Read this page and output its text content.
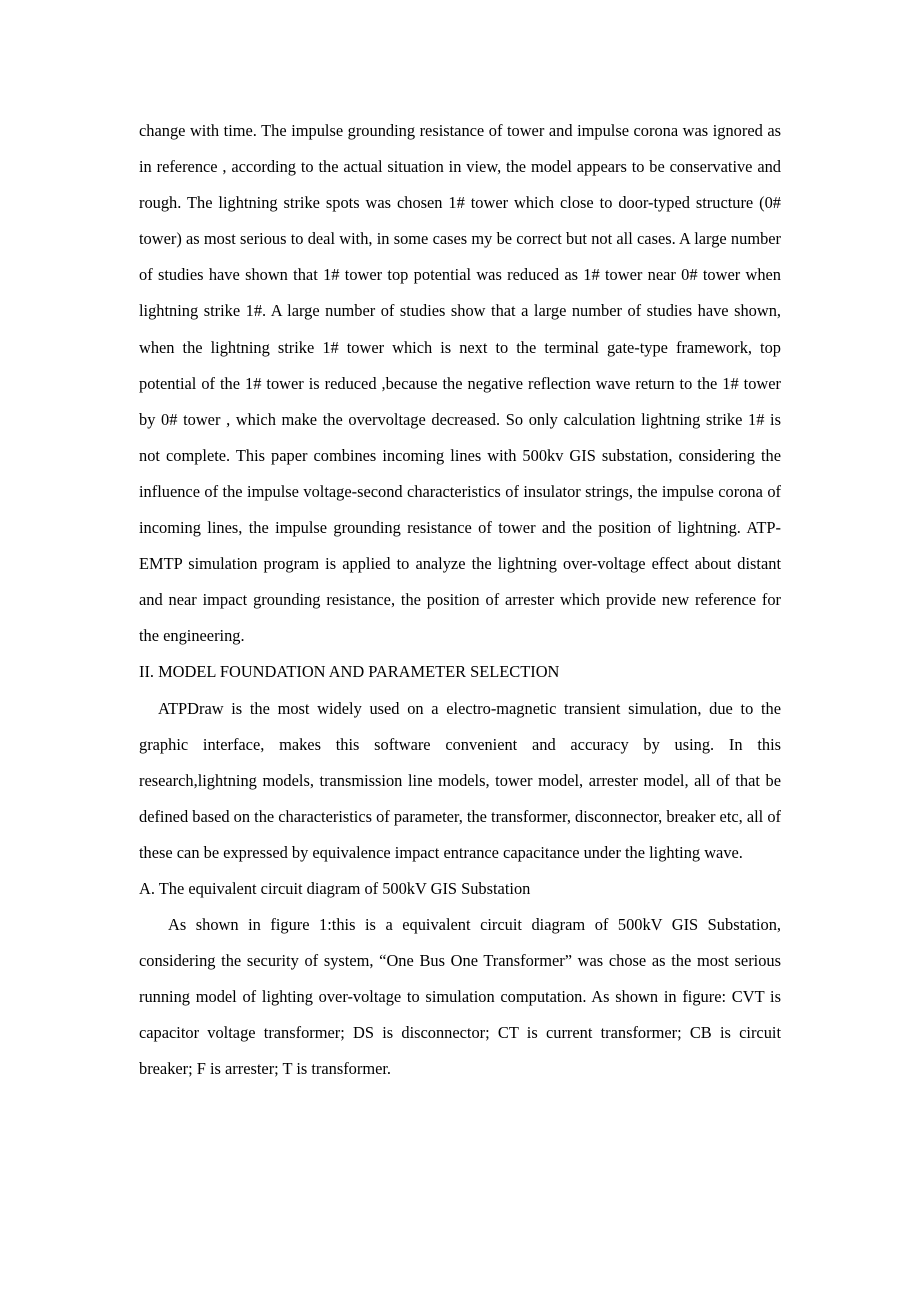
change with time. The impulse grounding resistance of tower and impulse corona was ignored as in reference , according to the actual situation in view, the model appears to be conservative and rough. The lightning strike spots was chosen 1# tower which close to door-typed structure (0# tower) as most serious to deal with, in some cases my be correct but not all cases. A large number of studies have shown that 1# tower top potential was reduced as 1# tower near 0# tower when lightning strike 1#. A large number of studies show that a large number of studies have shown, when the lightning strike 1# tower which is next to the terminal gate-type framework, top potential of the 1# tower is reduced ,because the negative reflection wave return to the 1# tower by 0# tower , which make the overvoltage decreased. So only calculation lightning strike 1# is not complete. This paper combines incoming lines with 500kv GIS substation, considering the influence of the impulse voltage-second characteristics of insulator strings, the impulse corona of incoming lines, the impulse grounding resistance of tower and the position of lightning. ATP-EMTP simulation program is applied to analyze the lightning over-voltage effect about distant and near impact grounding resistance, the position of arrester which provide new reference for the engineering.

II. MODEL FOUNDATION AND PARAMETER SELECTION

ATPDraw is the most widely used on a electro-magnetic transient simulation, due to the graphic interface, makes this software convenient and accuracy by using. In this research,lightning models, transmission line models, tower model, arrester model, all of that be defined based on the characteristics of parameter, the transformer, disconnector, breaker etc, all of these can be expressed by equivalence impact entrance capacitance under the lighting wave.

A. The equivalent circuit diagram of 500kV GIS Substation

As shown in figure 1:this is a equivalent circuit diagram of 500kV GIS Substation, considering the security of system, “One Bus One Transformer” was chose as the most serious running model of lighting over-voltage to simulation computation. As shown in figure: CVT is capacitor voltage transformer; DS is disconnector; CT is current transformer; CB is circuit breaker; F is arrester; T is transformer.
